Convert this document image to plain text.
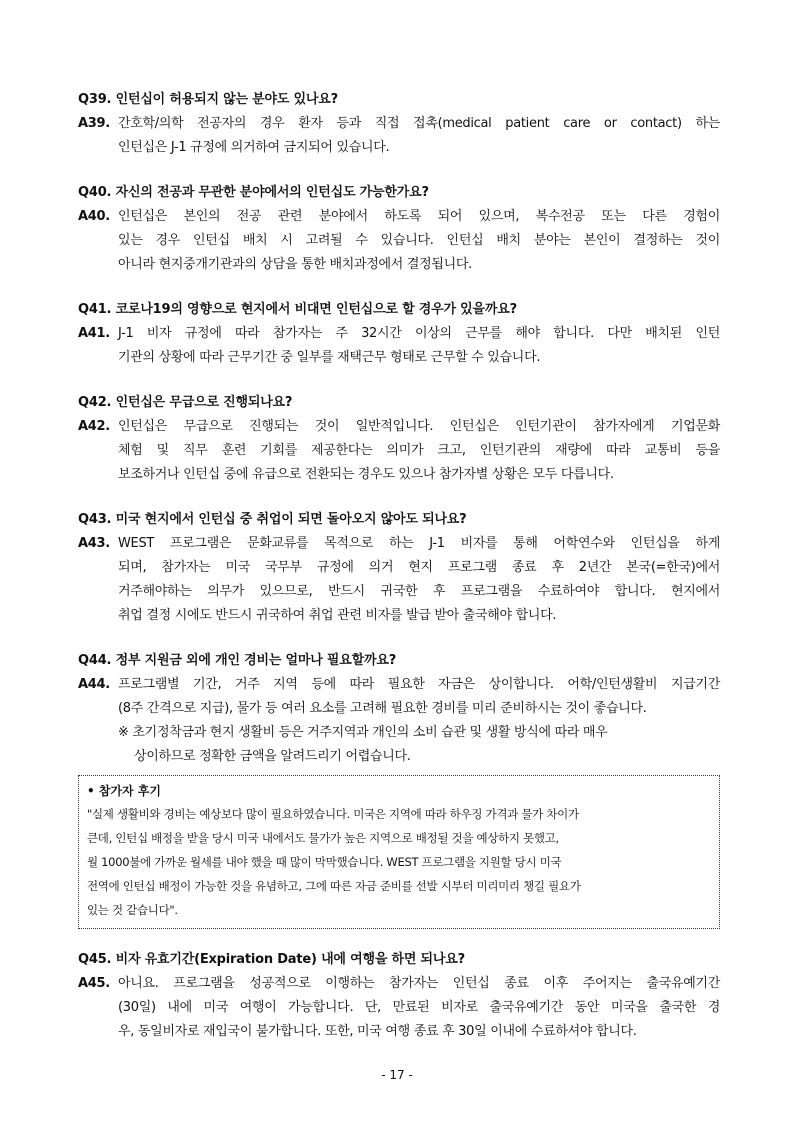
Q39. 인턴십이 허용되지 않는 분야도 있나요?
A39. 간호학/의학 전공자의 경우 환자 등과 직접 접촉(medical patient care or contact) 하는
인턴십은 J-1 규정에 의거하여 금지되어 있습니다.
Q40. 자신의 전공과 무관한 분야에서의 인턴십도 가능한가요?
A40. 인턴십은 본인의 전공 관련 분야에서 하도록 되어 있으며, 복수전공 또는 다른 경험이
있는 경우 인턴십 배치 시 고려될 수 있습니다. 인턴십 배치 분야는 본인이 결정하는 것이
아니라 현지중개기관과의 상담을 통한 배치과정에서 결정됩니다.
Q41. 코로나19의 영향으로 현지에서 비대면 인턴십으로 할 경우가 있을까요?
A41. J-1 비자 규정에 따라 참가자는 주 32시간 이상의 근무를 해야 합니다. 다만 배치된 인턴
기관의 상황에 따라 근무기간 중 일부를 재택근무 형태로 근무할 수 있습니다.
Q42. 인턴십은 무급으로 진행되나요?
A42. 인턴십은 무급으로 진행되는 것이 일반적입니다. 인턴십은 인턴기관이 참가자에게 기업문화
체험 및 직무 훈련 기회를 제공한다는 의미가 크고, 인턴기관의 재량에 따라 교통비 등을
보조하거나 인턴십 중에 유급으로 전환되는 경우도 있으나 참가자별 상황은 모두 다릅니다.
Q43. 미국 현지에서 인턴십 중 취업이 되면 돌아오지 않아도 되나요?
A43. WEST 프로그램은 문화교류를 목적으로 하는 J-1 비자를 통해 어학연수와 인턴십을 하게
되며, 참가자는 미국 국무부 규정에 의거 현지 프로그램 종료 후 2년간 본국(=한국)에서
거주해야하는 의무가 있으므로, 반드시 귀국한 후 프로그램을 수료하여야 합니다. 현지에서
취업 결정 시에도 반드시 귀국하여 취업 관련 비자를 발급 받아 출국해야 합니다.
Q44. 정부 지원금 외에 개인 경비는 얼마나 필요할까요?
A44. 프로그램별 기간, 거주 지역 등에 따라 필요한 자금은 상이합니다. 어학/인턴생활비 지급기간
(8주 간격으로 지급), 물가 등 여러 요소를 고려해 필요한 경비를 미리 준비하시는 것이 좋습니다.
※ 초기정착금과 현지 생활비 등은 거주지역과 개인의 소비 습관 및 생활 방식에 따라 매우
상이하므로 정확한 금액을 알려드리기 어렵습니다.
• 참가자 후기
"실제 생활비와 경비는 예상보다 많이 필요하였습니다. 미국은 지역에 따라 하우징 가격과 물가 차이가
큰데, 인턴십 배정을 받을 당시 미국 내에서도 물가가 높은 지역으로 배정될 것을 예상하지 못했고,
월 1000불에 가까운 월세를 내야 했을 때 많이 막막했습니다. WEST 프로그램을 지원할 당시 미국
전역에 인턴십 배정이 가능한 것을 유념하고, 그에 따른 자금 준비를 선발 시부터 미리미리 챙길 필요가
있는 것 같습니다".
Q45. 비자 유효기간(Expiration Date) 내에 여행을 하면 되나요?
A45. 아니요. 프로그램을 성공적으로 이행하는 참가자는 인턴십 종료 이후 주어지는 출국유예기간
(30일) 내에 미국 여행이 가능합니다. 단, 만료된 비자로 출국유예기간 동안 미국을 출국한 경
우, 동일비자로 재입국이 불가합니다. 또한, 미국 여행 종료 후 30일 이내에 수료하셔야 합니다.
- 17 -
